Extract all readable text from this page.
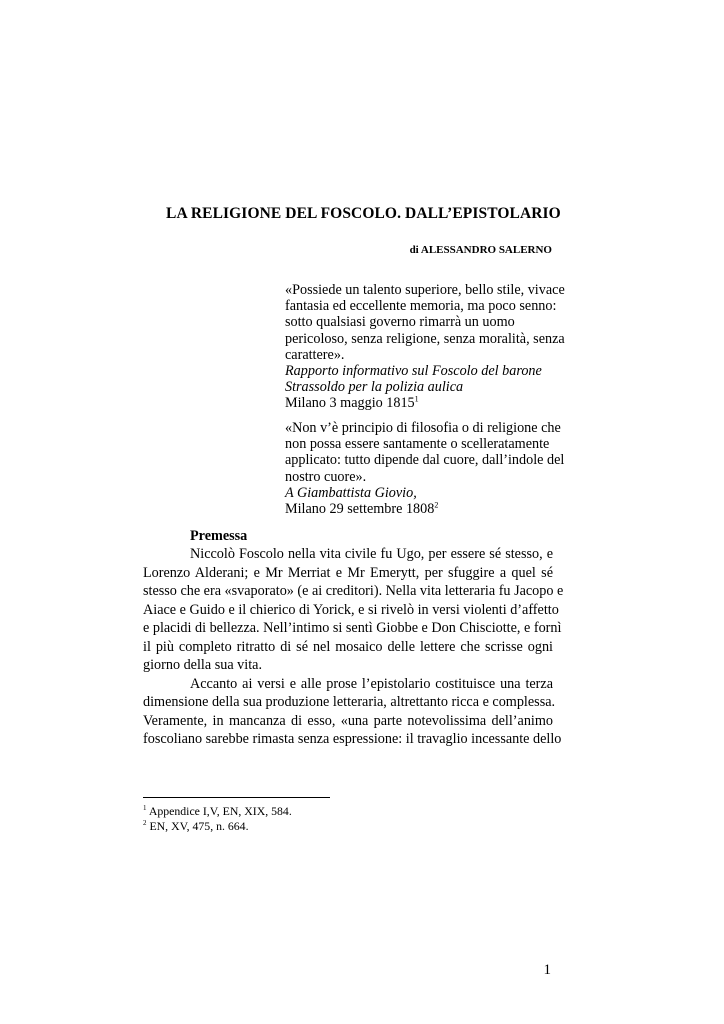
LA RELIGIONE DEL FOSCOLO. DALL’EPISTOLARIO
di ALESSANDRO SALERNO
«Possiede un talento superiore, bello stile, vivace
fantasia ed eccellente memoria, ma poco senno:
sotto qualsiasi governo rimarrà un uomo
pericoloso, senza religione, senza moralità, senza
carattere».
Rapporto informativo sul Foscolo del barone
Strassoldo per la polizia aulica
Milano 3 maggio 1815$^1$
«Non v’è principio di filosofia o di religione che
non possa essere santamente o scelleratamente
applicato: tutto dipende dal cuore, dall’indole del
nostro cuore».
A Giambattista Giovio,
Milano 29 settembre 1808$^2$
Premessa
Niccolò Foscolo nella vita civile fu Ugo, per essere sé stesso, e
Lorenzo Alderani; e Mr Merriat e Mr Emerytt, per sfuggire a quel sé
stesso che era «svaporato» (e ai creditori). Nella vita letteraria fu Jacopo e
Aiace e Guido e il chierico di Yorick, e si rivelò in versi violenti d’affetto
e placidi di bellezza. Nell’intimo si sentì Giobbe e Don Chisciotte, e fornì
il più completo ritratto di sé nel mosaico delle lettere che scrisse ogni
giorno della sua vita.
Accanto ai versi e alle prose l’epistolario costituisce una terza
dimensione della sua produzione letteraria, altrettanto ricca e complessa.
Veramente, in mancanza di esso, «una parte notevolissima dell’animo
foscoliano sarebbe rimasta senza espressione: il travaglio incessante dello
$^1$ Appendice I,V, EN, XIX, 584.
$^2$ EN, XV, 475, n. 664.
1
